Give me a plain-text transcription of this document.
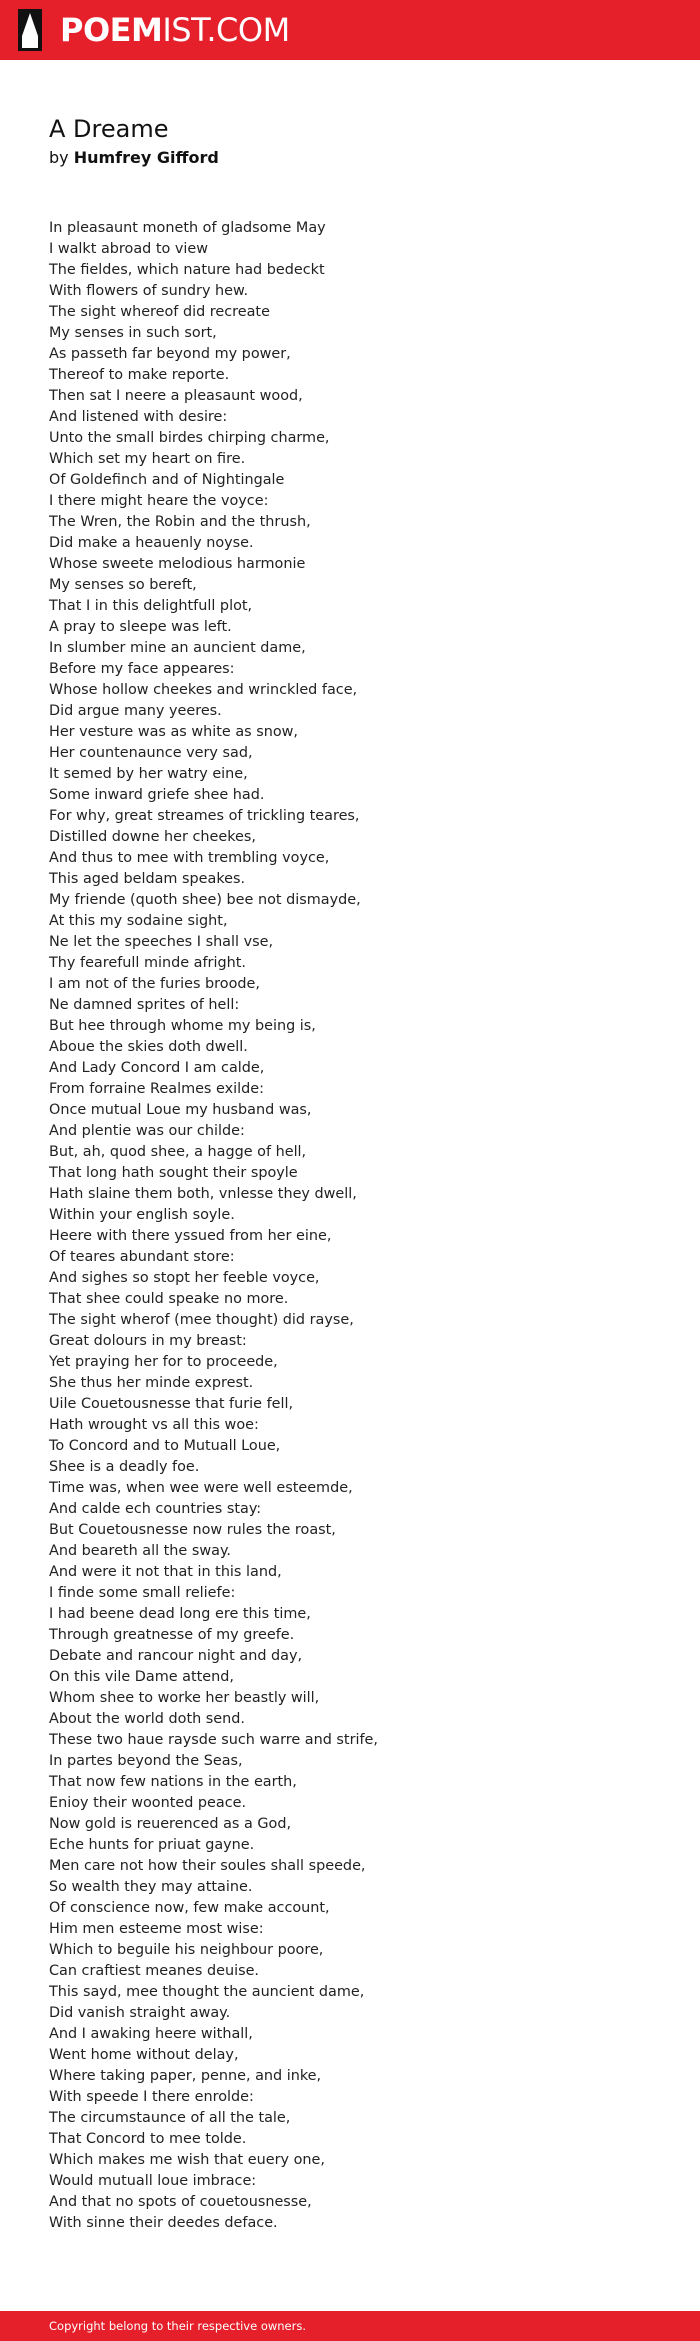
POEMIST.COM
A Dreame
by Humfrey Gifford
In pleasaunt moneth of gladsome May
I walkt abroad to view
The fieldes, which nature had bedeckt
With flowers of sundry hew.
The sight whereof did recreate
My senses in such sort,
As passeth far beyond my power,
Thereof to make reporte.
Then sat I neere a pleasaunt wood,
And listened with desire:
Unto the small birdes chirping charme,
Which set my heart on fire.
Of Goldefinch and of Nightingale
I there might heare the voyce:
The Wren, the Robin and the thrush,
Did make a heauenly noyse.
Whose sweete melodious harmonie
My senses so bereft,
That I in this delightfull plot,
A pray to sleepe was left.
In slumber mine an auncient dame,
Before my face appeares:
Whose hollow cheekes and wrinckled face,
Did argue many yeeres.
Her vesture was as white as snow,
Her countenaunce very sad,
It semed by her watry eine,
Some inward griefe shee had.
For why, great streames of trickling teares,
Distilled downe her cheekes,
And thus to mee with trembling voyce,
This aged beldam speakes.
My friende (quoth shee) bee not dismayde,
At this my sodaine sight,
Ne let the speeches I shall vse,
Thy fearefull minde afright.
I am not of the furies broode,
Ne damned sprites of hell:
But hee through whome my being is,
Aboue the skies doth dwell.
And Lady Concord I am calde,
From forraine Realmes exilde:
Once mutual Loue my husband was,
And plentie was our childe:
But, ah, quod shee, a hagge of hell,
That long hath sought their spoyle
Hath slaine them both, vnlesse they dwell,
Within your english soyle.
Heere with there yssued from her eine,
Of teares abundant store:
And sighes so stopt her feeble voyce,
That shee could speake no more.
The sight wherof (mee thought) did rayse,
Great dolours in my breast:
Yet praying her for to proceede,
She thus her minde exprest.
Uile Couetousnesse that furie fell,
Hath wrought vs all this woe:
To Concord and to Mutuall Loue,
Shee is a deadly foe.
Time was, when wee were well esteemde,
And calde ech countries stay:
But Couetousnesse now rules the roast,
And beareth all the sway.
And were it not that in this land,
I finde some small reliefe:
I had beene dead long ere this time,
Through greatnesse of my greefe.
Debate and rancour night and day,
On this vile Dame attend,
Whom shee to worke her beastly will,
About the world doth send.
These two haue raysde such warre and strife,
In partes beyond the Seas,
That now few nations in the earth,
Enioy their woonted peace.
Now gold is reuerenced as a God,
Eche hunts for priuat gayne.
Men care not how their soules shall speede,
So wealth they may attaine.
Of conscience now, few make account,
Him men esteeme most wise:
Which to beguile his neighbour poore,
Can craftiest meanes deuise.
This sayd, mee thought the auncient dame,
Did vanish straight away.
And I awaking heere withall,
Went home without delay,
Where taking paper, penne, and inke,
With speede I there enrolde:
The circumstaunce of all the tale,
That Concord to mee tolde.
Which makes me wish that euery one,
Would mutuall loue imbrace:
And that no spots of couetousnesse,
With sinne their deedes deface.
Copyright belong to their respective owners.
